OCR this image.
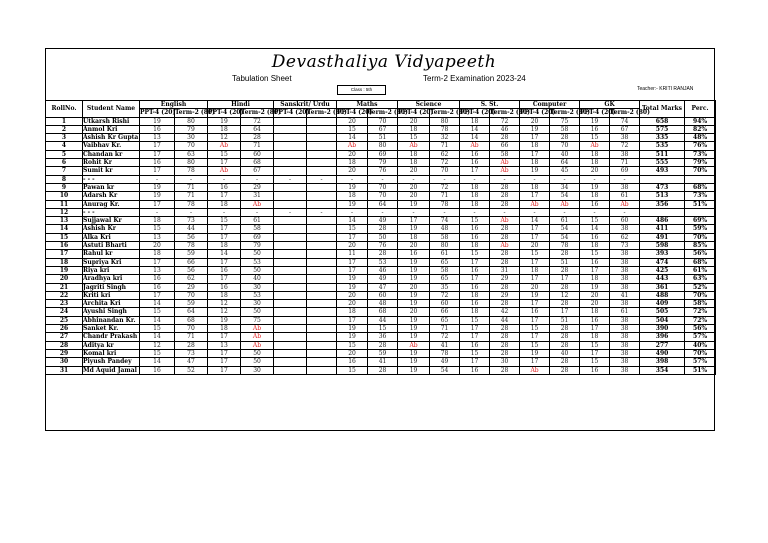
Devasthaliya Vidyapeeth
Tabulation Sheet	Term-2 Examination 2023-24
Class : 5th	Teacher:- KRITI RANJAN
RollNo.	Student Name	English		Hindi		Sanskrit/ Urdu		Maths		Science		S. St.		Computer		GK		Total Marks	Perc.
		PPT-4 (20)	Term-2 (80)	PPT-4 (20)	Term-2 (80)	PPT-4 (20)	Term-2 (80)	PPT-4 (20)	Term-2 (80)	PPT-4 (20)	Term-2 (80)	PPT-4 (20)	Term-2 (80)	PPT-4 (20)	Term-2 (80)	PPT-4 (20)	Term-2 (80)		
1	Utkarsh Rishi	19	80	19	72			20	70	20	80	18	72	20	75	19	74	658	94%
2	Anmol Kri	16	79	18	64			15	67	18	78	14	46	19	58	16	67	575	82%
3	Ashish Kr Gupta	13	30	12	28			14	51	15	32	14	28	17	28	15	38	335	48%
4	Vaibhav Kr.	17	70	Ab	71			Ab	80	Ab	71	Ab	66	18	70	Ab	72	535	76%
5	Chandan kr	17	63	15	60			20	69	18	62	16	58	17	40	18	38	511	73%
6	Rohit Kr	16	80	17	68			18	79	18	72	16	Ab	18	64	18	71	555	79%
7	Sumit kr	17	78	Ab	67			20	76	20	70	17	Ab	19	45	20	69	493	70%
8	- - -	-	-	-	-	-	-	-	-	-	-	-	-	-	-	-	-		
9	Pawan kr	19	71	16	29			19	70	20	72	18	28	18	34	19	38	473	68%
10	Adarsh Kr	19	71	17	31			18	70	20	71	18	28	17	54	18	61	513	73%
11	Anurag Kr.	17	78	18	Ab			19	64	19	78	18	28	Ab	Ab	16	Ab	356	51%
12	- - -	-	-	-	-	-	-	-	-	-	-	-	-	-	-	-	-		
13	Sujjawal Kr	18	73	15	61			14	49	17	74	15	Ab	14	61	15	60	486	69%
14	Ashish Kr	15	44	17	58			15	28	19	48	16	28	17	54	14	38	411	59%
15	Alka Kri	13	56	17	69			17	50	18	58	16	28	17	54	16	62	491	70%
16	Astuti Bharti	20	78	18	79			20	76	20	80	18	Ab	20	78	18	73	598	85%
17	Rahul kr	18	59	14	50			11	28	16	61	15	28	15	28	15	38	393	56%
18	Supriya Kri	17	66	17	53			17	53	19	65	17	28	17	51	16	38	474	68%
19	Riya kri	13	56	16	50			17	46	19	58	16	31	18	28	17	38	425	61%
20	Aradhya kri	16	62	17	40			19	49	19	65	17	29	17	17	18	38	443	63%
21	Jagriti Singh	16	29	16	30			19	47	20	35	16	28	20	28	19	38	361	52%
22	Kriti kri	17	70	18	53			20	60	19	72	18	29	19	12	20	41	488	70%
23	Archita Kri	14	59	12	30			20	48	19	60	16	28	17	28	20	38	409	58%
24	Ayushi Singh	15	64	12	50			18	68	20	66	18	42	16	17	18	61	505	72%
25	Abhinandan Kr.	14	68	19	75			17	44	19	65	15	44	17	51	16	38	504	72%
26	Sanket Kr.	15	70	18	Ab			19	15	19	71	17	28	15	28	17	38	390	56%
27	Chandr Prakash	14	71	17	Ab			19	36	19	72	17	28	17	28	18	38	396	57%
28	Aditya kr	12	28	13	Ab			15	28	Ab	41	16	28	15	28	15	38	277	40%
29	Komal kri	15	73	17	50			20	59	19	78	15	28	19	40	17	38	490	70%
30	Piyush Pandey	14	47	17	50			16	41	19	49	17	30	17	28	15	38	398	57%
31	Md Aquid Jamal	16	52	17	30			15	28	19	54	16	28	Ab	28	16	38	354	51%
